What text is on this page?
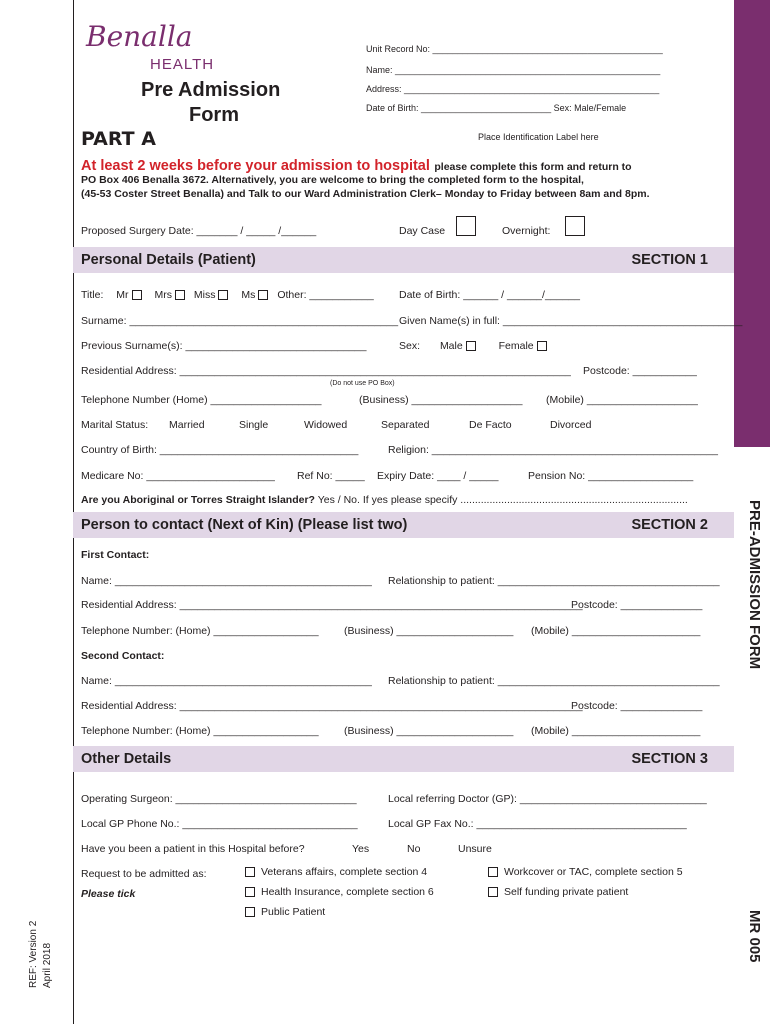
Benalla
HEALTH
Pre Admission
Form
PART A
Unit Record No: ______________________________________________
Name: _____________________________________________________
Address: ___________________________________________________
Date of Birth: __________________________ Sex: Male/Female
Place Identification Label here
At least 2 weeks before your admission to hospital please complete this form and return to
PO Box 406 Benalla 3672. Alternatively, you are welcome to bring the completed form to the hospital,
(45-53 Coster Street Benalla) and Talk to our Ward Administration Clerk– Monday to Friday between 8am and 8pm.
Proposed Surgery Date: _______ / _____ /______	Day Case	Overnight:
Personal Details (Patient)	SECTION 1
Title: Mr Mrs Miss Ms Other: ___________ Date of Birth: ______ / ______/______
Surname: ______________________________________________ Given Name(s) in full: _________________________________________
Previous Surname(s): _______________________________	Sex: Male	Female
Residential Address: ___________________________________________________________________ Postcode: ___________
(Do not use PO Box)
Telephone Number (Home) ___________________	(Business) ___________________ (Mobile) ___________________
Marital Status: Married	Single	Widowed	Separated	De Facto	Divorced
Country of Birth: __________________________________	Religion: _________________________________________________
Medicare No: ______________________ Ref No: _____ Expiry Date: ____ / _____	Pension No: __________________
Are you Aboriginal or Torres Straight Islander? Yes / No. If yes please specify ..............................................................................
Person to contact (Next of Kin) (Please list two)	SECTION 2
First Contact:
Name: ____________________________________________ Relationship to patient: ______________________________________
Residential Address: _____________________________________________________________________
Postcode: ______________
Telephone Number: (Home) __________________ (Business) ____________________ (Mobile) ______________________
Second Contact:
Name: ____________________________________________ Relationship to patient: ______________________________________
Residential Address: _____________________________________________________________________
Postcode: ______________
Telephone Number: (Home) __________________ (Business) ____________________ (Mobile) ______________________
Other Details	SECTION 3
Operating Surgeon: _______________________________	Local referring Doctor (GP): ________________________________
Local GP Phone No.: ______________________________	Local GP Fax No.: ____________________________________
Have you been a patient in this Hospital before?	Yes	No	Unsure
Request to be admitted as:
Please tick
Veterans affairs, complete section 4
Health Insurance, complete section 6
Public Patient
Workcover or TAC, complete section 5
Self funding private patient
PRE-ADMISSION FORM
MR 005
REF: Version 2 April 2018
